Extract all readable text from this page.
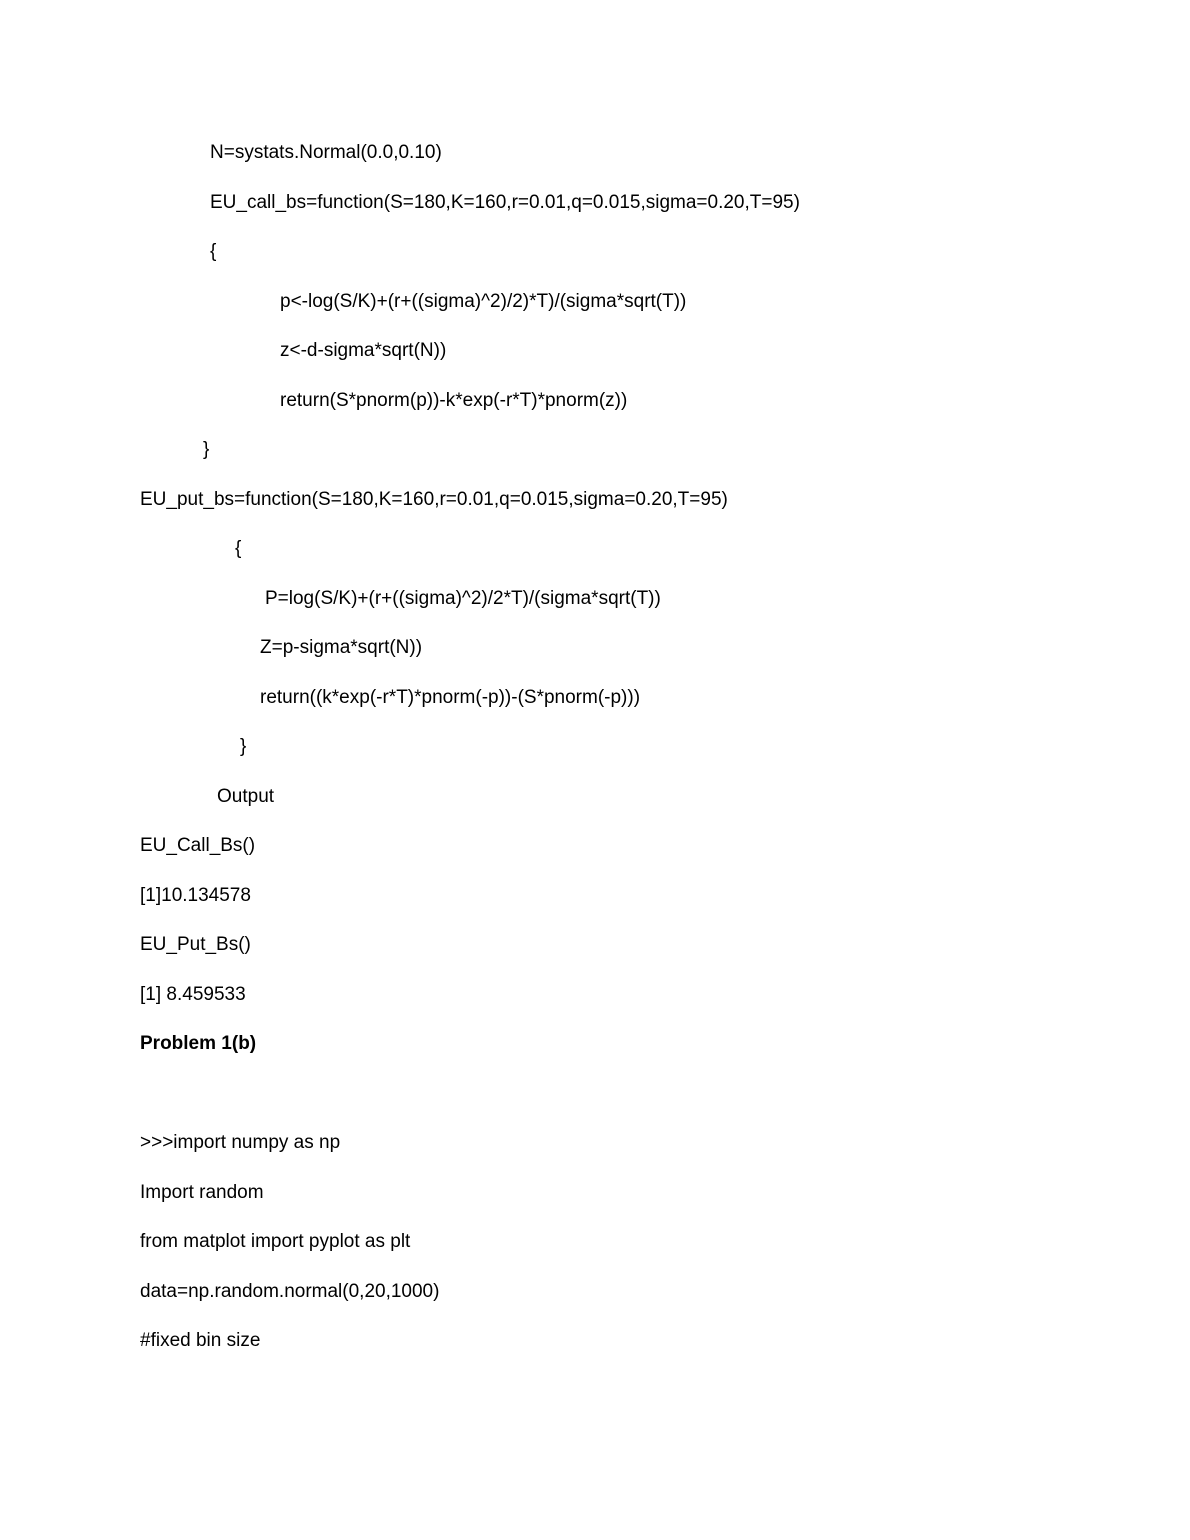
N=systats.Normal(0.0,0.10)
EU_call_bs=function(S=180,K=160,r=0.01,q=0.015,sigma=0.20,T=95)
{
p<-log(S/K)+(r+((sigma)^2)/2)*T)/(sigma*sqrt(T))
z<-d-sigma*sqrt(N))
return(S*pnorm(p))-k*exp(-r*T)*pnorm(z))
}
EU_put_bs=function(S=180,K=160,r=0.01,q=0.015,sigma=0.20,T=95)
{
P=log(S/K)+(r+((sigma)^2)/2*T)/(sigma*sqrt(T))
Z=p-sigma*sqrt(N))
return((k*exp(-r*T)*pnorm(-p))-(S*pnorm(-p)))
}
Output
EU_Call_Bs()
[1]10.134578
EU_Put_Bs()
[1] 8.459533
Problem 1(b)
>>>import numpy as np
Import random
from matplot import pyplot as plt
data=np.random.normal(0,20,1000)
#fixed bin size
